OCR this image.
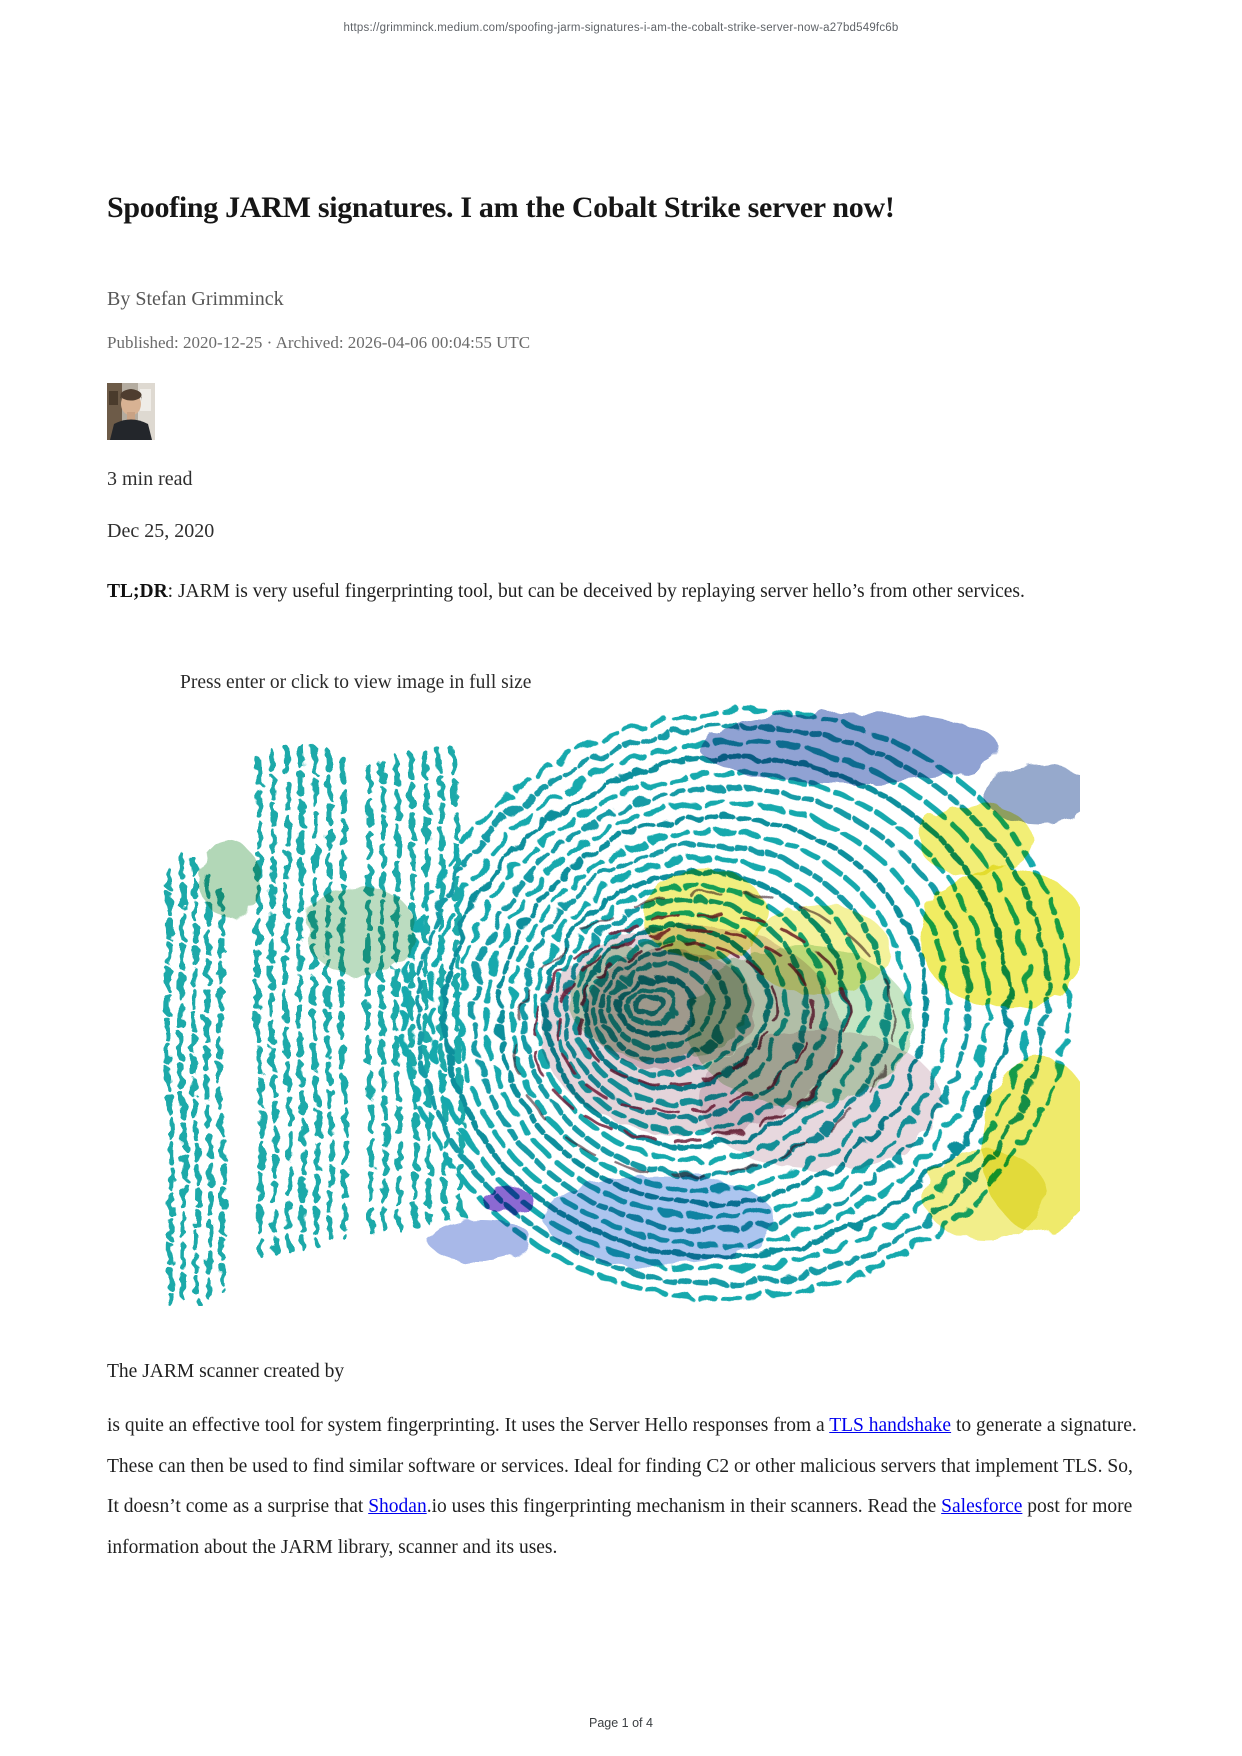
https://grimminck.medium.com/spoofing-jarm-signatures-i-am-the-cobalt-strike-server-now-a27bd549fc6b
Spoofing JARM signatures. I am the Cobalt Strike server now!

By Stefan Grimminck

Published: 2020-12-25 · Archived: 2026-04-06 00:04:55 UTC

3 min read

Dec 25, 2020

TL;DR: JARM is very useful fingerprinting tool, but can be deceived by replaying server hello’s from other services.

Press enter or click to view image in full size

The JARM scanner created by

is quite an effective tool for system fingerprinting. It uses the Server Hello responses from a TLS handshake to generate a signature. These can then be used to find similar software or services. Ideal for finding C2 or other malicious servers that implement TLS. So, It doesn’t come as a surprise that Shodan.io uses this fingerprinting mechanism in their scanners. Read the Salesforce post for more information about the JARM library, scanner and its uses.

Page 1 of 4
